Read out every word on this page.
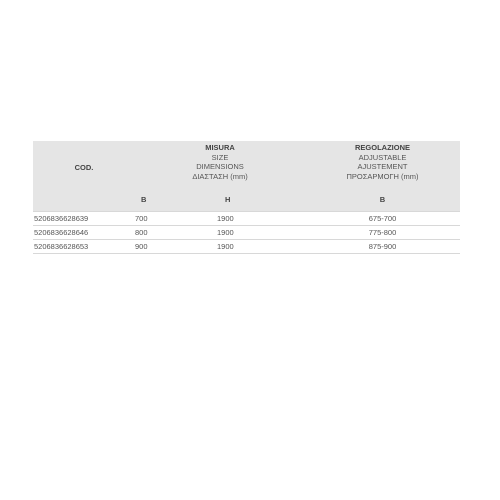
COD.	MISURA
SIZE
DIMENSIONS
ΔΙΑΣΤΑΣΗ (mm)		REGOLAZIONE
ADJUSTABLE
AJUSTEMENT
ΠΡΟΣΑΡΜΟΓΗ (mm)

	B	H	B
5206836628639	700	1900	675-700
5206836628646	800	1900	775-800
5206836628653	900	1900	875-900
